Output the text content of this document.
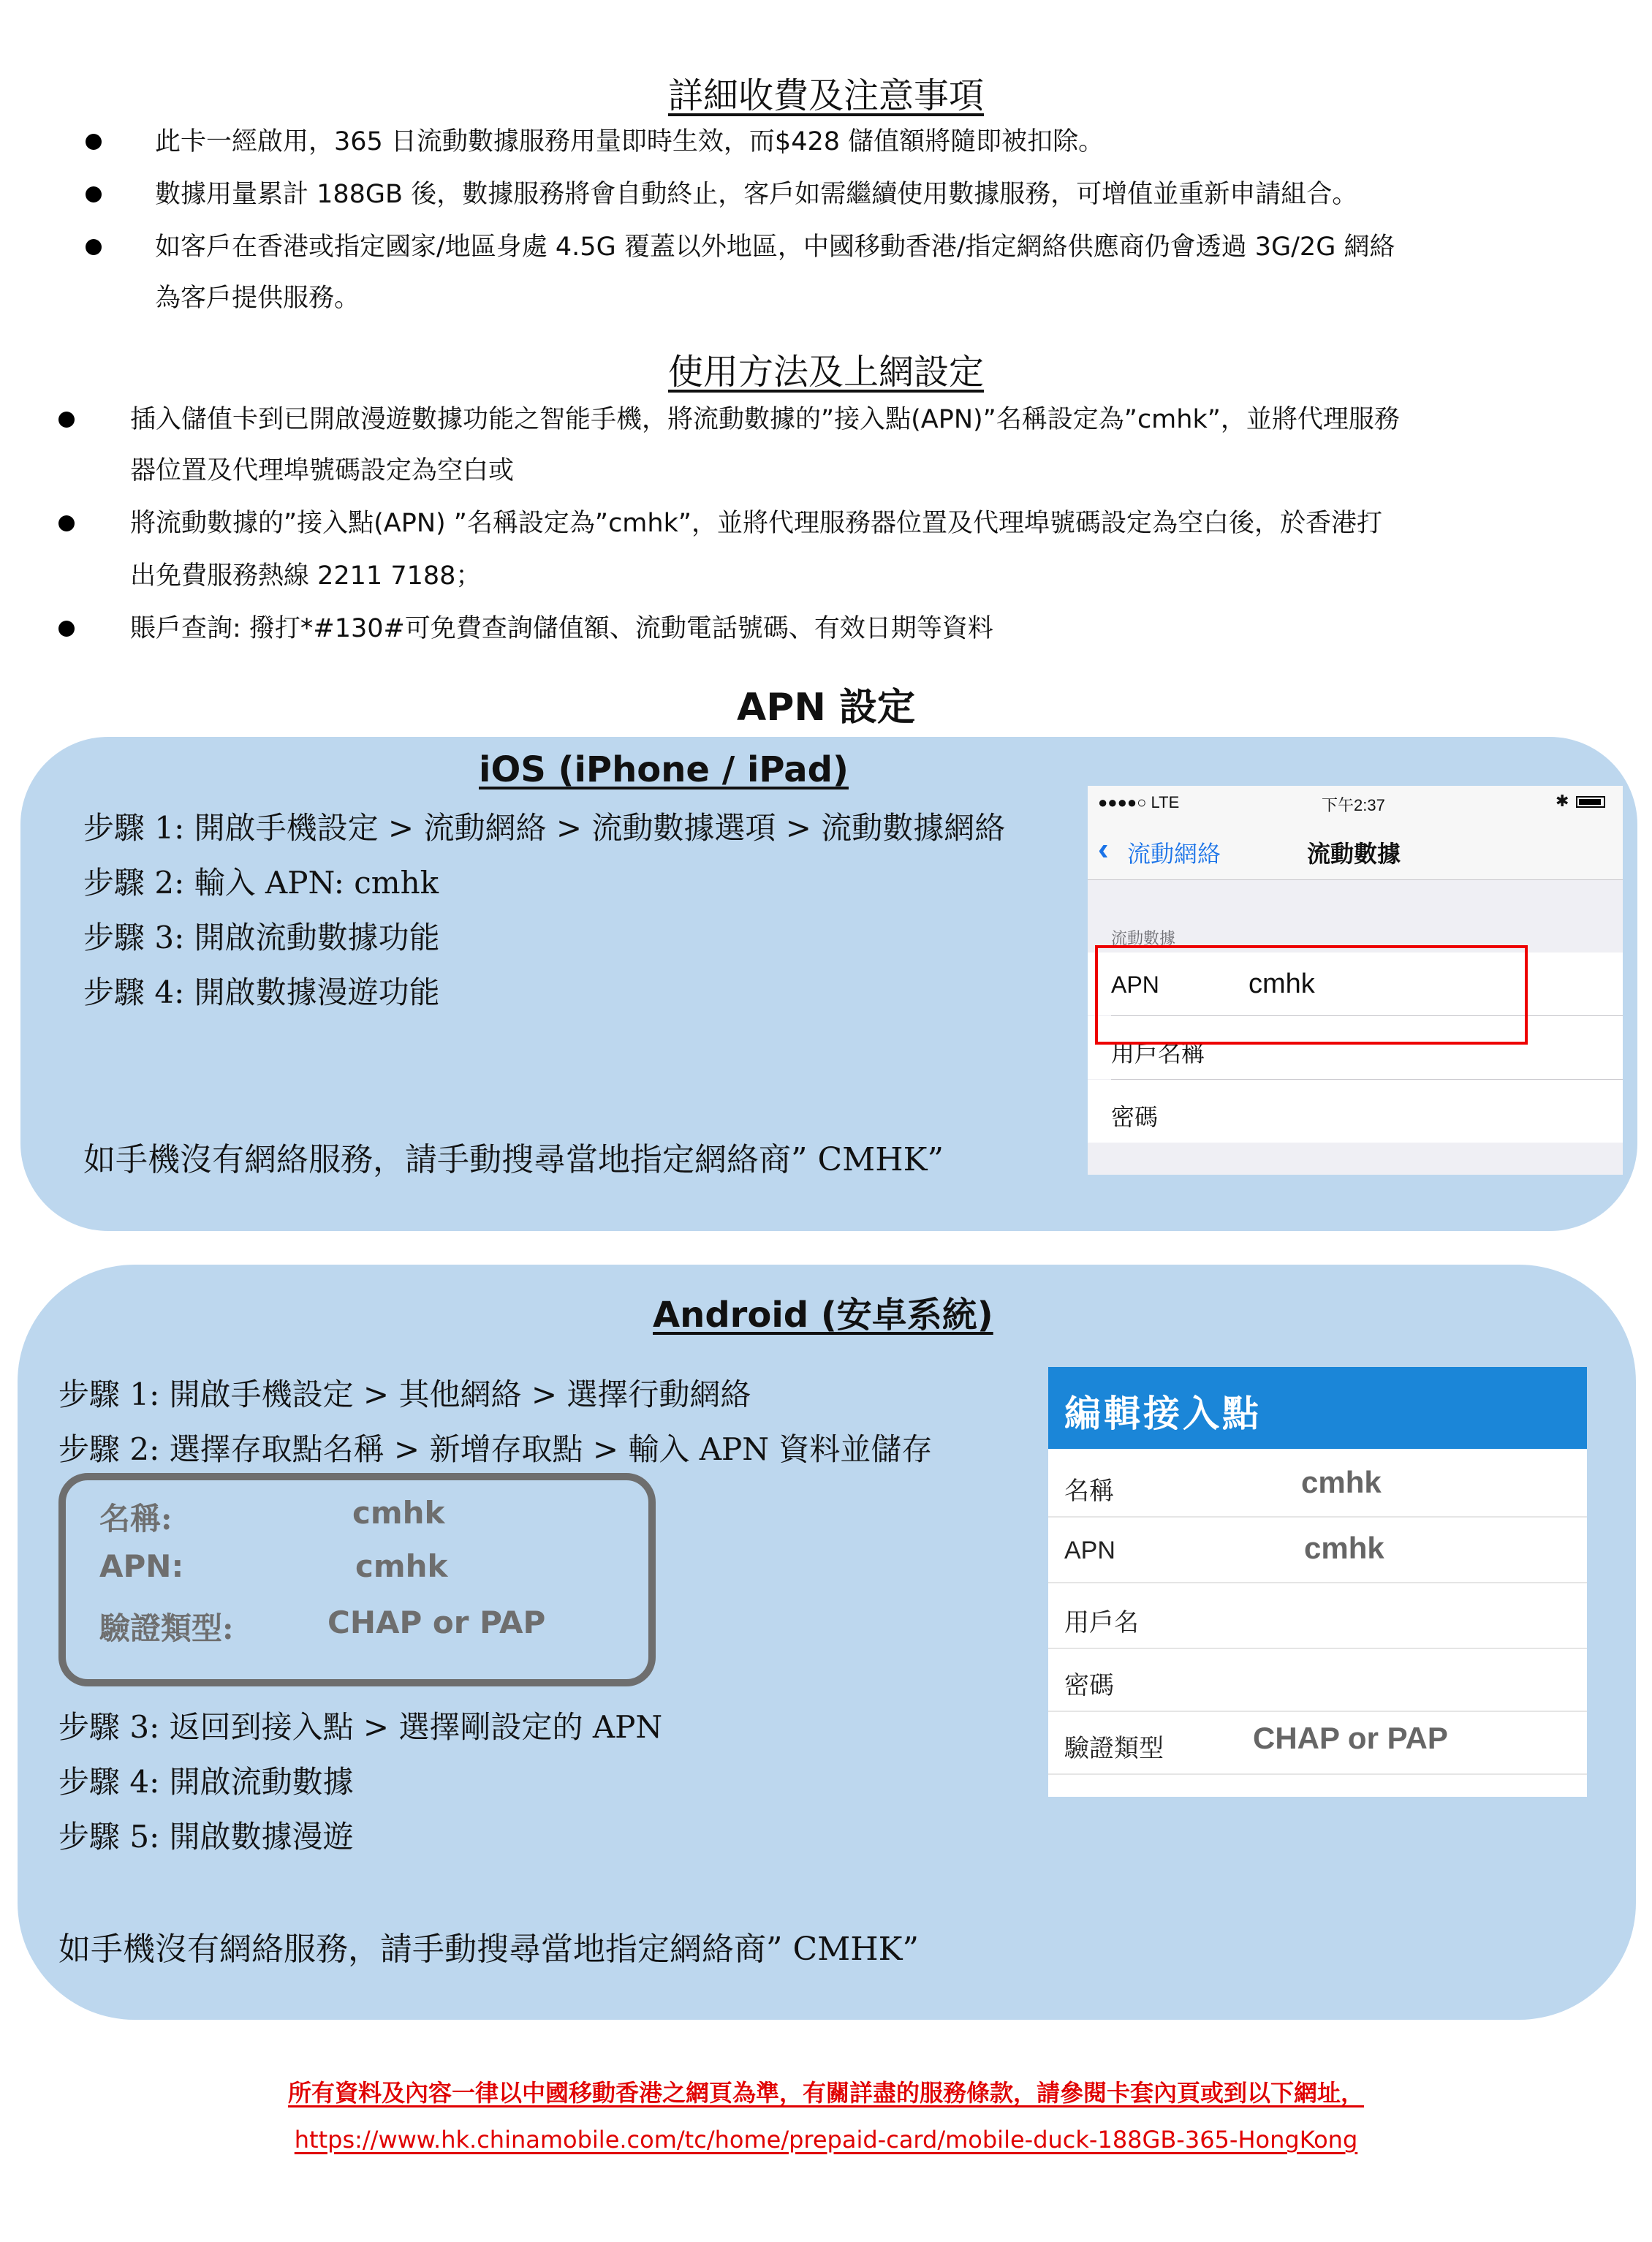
詳細收費及注意事項
此卡一經啟用，365 日流動數據服務用量即時生效，而$428 儲值額將隨即被扣除。
數據用量累計 188GB 後，數據服務將會自動終止，客戶如需繼續使用數據服務，可增值並重新申請組合。
如客戶在香港或指定國家/地區身處 4.5G 覆蓋以外地區，中國移動香港/指定網絡供應商仍會透過 3G/2G 網絡
為客戶提供服務。
使用方法及上網設定
插入儲值卡到已開啟漫遊數據功能之智能手機，將流動數據的”接入點(APN)”名稱設定為”cmhk”，並將代理服務
器位置及代理埠號碼設定為空白或
將流動數據的”接入點(APN) ”名稱設定為”cmhk”，並將代理服務器位置及代理埠號碼設定為空白後，於香港打
出免費服務熱線 2211 7188；
賬戶查詢: 撥打*#130#可免費查詢儲值額、流動電話號碼、有效日期等資料
APN 設定
iOS (iPhone / iPad)
步驟 1: 開啟手機設定 > 流動網絡 > 流動數據選項 > 流動數據網絡
步驟 2: 輸入 APN: cmhk
步驟 3: 開啟流動數據功能
步驟 4: 開啟數據漫遊功能
如手機沒有網絡服務，請手動搜尋當地指定網絡商” CMHK”
●●●●○ LTE	下午2:37	✱
‹ 流動網絡	流動數據
流動數據
APN	cmhk
用戶名稱
密碼
Android (安卓系統)
步驟 1: 開啟手機設定 > 其他網絡 > 選擇行動網絡
步驟 2: 選擇存取點名稱 > 新增存取點 > 輸入 APN 資料並儲存
名稱:	cmhk
APN:	cmhk
驗證類型:	CHAP or PAP
步驟 3: 返回到接入點 > 選擇剛設定的 APN
步驟 4: 開啟流動數據
步驟 5: 開啟數據漫遊
如手機沒有網絡服務，請手動搜尋當地指定網絡商” CMHK”
編輯接入點
名稱	cmhk
APN	cmhk
用戶名
密碼
驗證類型	CHAP or PAP
所有資料及內容一律以中國移動香港之網頁為準，有關詳盡的服務條款，請參閱卡套內頁或到以下網址，
https://www.hk.chinamobile.com/tc/home/prepaid-card/mobile-duck-188GB-365-HongKong
